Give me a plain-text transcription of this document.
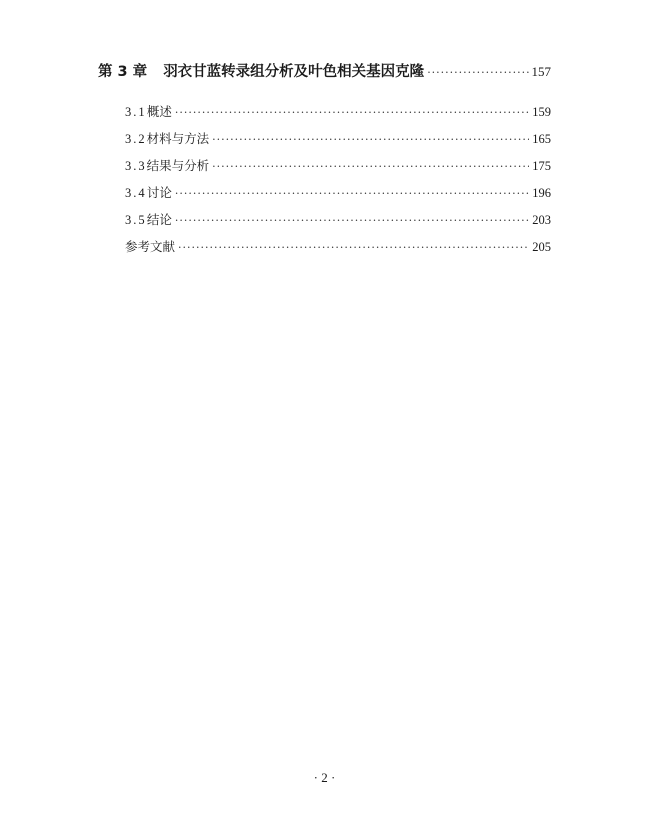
第 3 章 羽衣甘蓝转录组分析及叶色相关基因克隆 ·····	157
3.1 概述 ·····	159
3.2 材料与方法 ·····	165
3.3 结果与分析 ·····	175
3.4 讨论 ·····	196
3.5 结论 ·····	203
参考文献 ·····	205
· 2 ·
